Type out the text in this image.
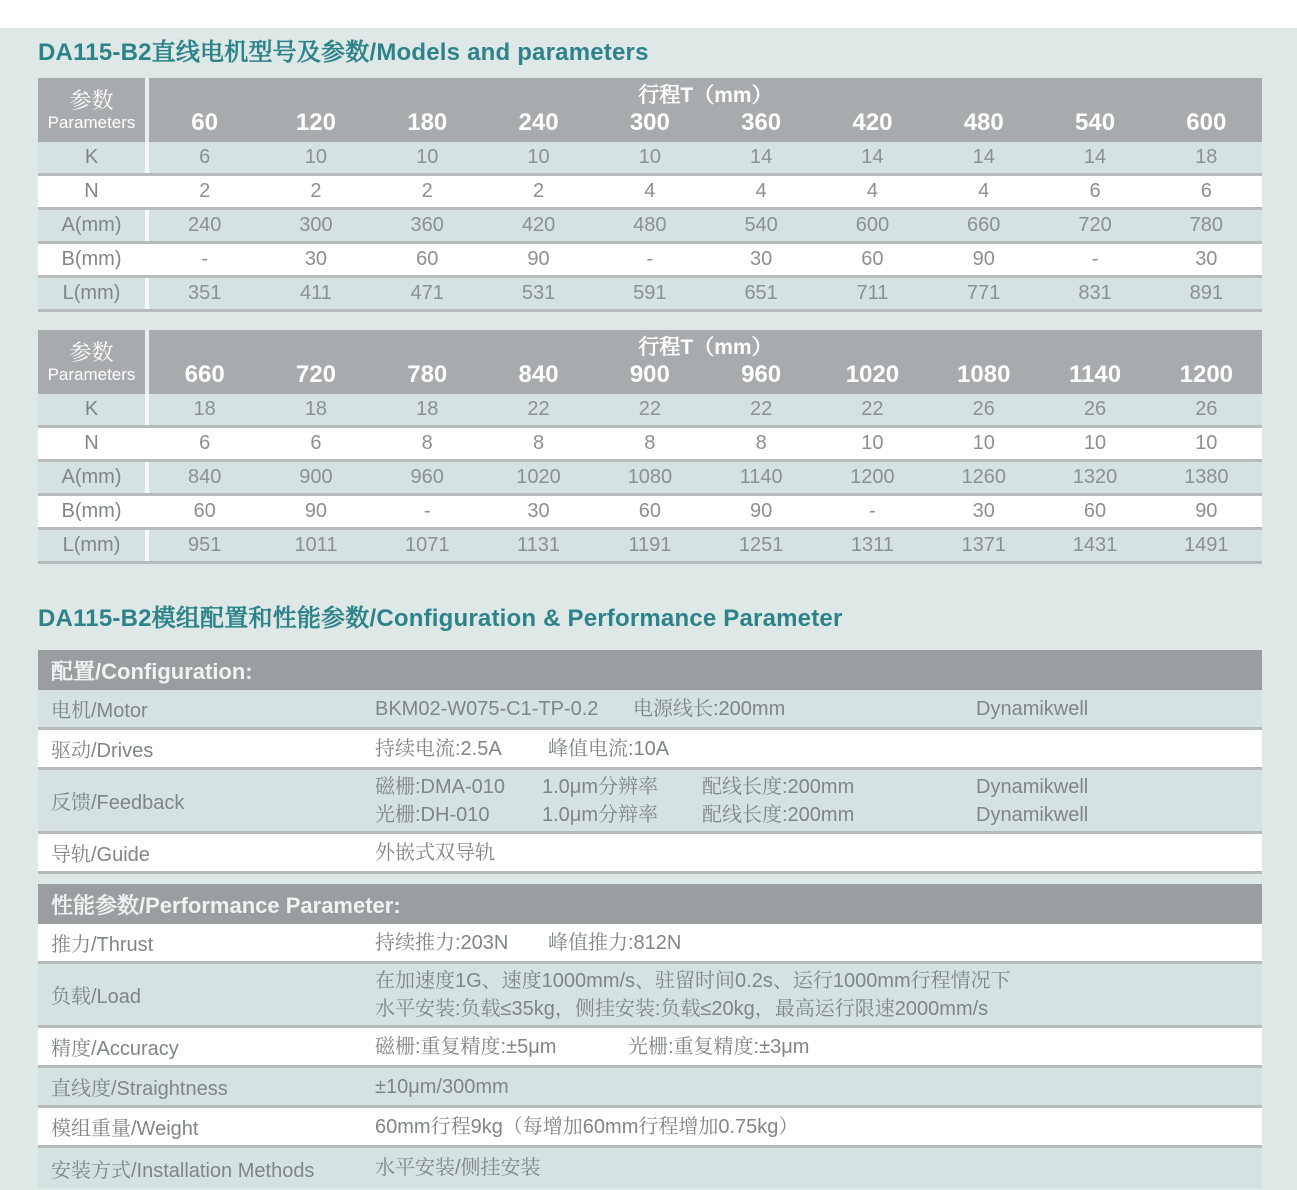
DA115-B2直线电机型号及参数/Models and parameters
参数
Parameters
行程T（mm）
60	120	180	240	300	360	420	480	540	600
K	6	10	10	10	10	14	14	14	14	18
N	2	2	2	2	4	4	4	4	6	6
A(mm)	240	300	360	420	480	540	600	660	720	780
B(mm)	-	30	60	90	-	30	60	90	-	30
L(mm)	351	411	471	531	591	651	711	771	831	891
参数
Parameters
行程T（mm）
660	720	780	840	900	960	1020	1080	1140	1200
K	18	18	18	22	22	22	22	26	26	26
N	6	6	8	8	8	8	10	10	10	10
A(mm)	840	900	960	1020	1080	1140	1200	1260	1320	1380
B(mm)	60	90	-	30	60	90	-	30	60	90
L(mm)	951	1011	1071	1131	1191	1251	1311	1371	1431	1491
DA115-B2模组配置和性能参数/Configuration & Performance Parameter
配置/Configuration:
电机/Motor	BKM02-W075-C1-TP-0.2 电源线长:200mm	Dynamikwell
驱动/Drives	持续电流:2.5A 峰值电流:10A
反馈/Feedback
磁栅:DMA-010 1.0μm分辨率 配线长度:200mm	Dynamikwell
光栅:DH-010	1.0μm分辩率 配线长度:200mm	Dynamikwell
导轨/Guide	外嵌式双导轨
性能参数/Performance Parameter:
推力/Thrust	持续推力:203N 峰值推力:812N
负载/Load
在加速度1G、速度1000mm/s、驻留时间0.2s、运行1000mm行程情况下
水平安装:负载≤35kg，侧挂安装:负载≤20kg，最高运行限速2000mm/s
精度/Accuracy	磁栅:重复精度:±5μm	光栅:重复精度:±3μm
直线度/Straightness	±10μm/300mm
模组重量/Weight	60mm行程9kg（每增加60mm行程增加0.75kg）
安装方式/Installation Methods	水平安装/侧挂安装
